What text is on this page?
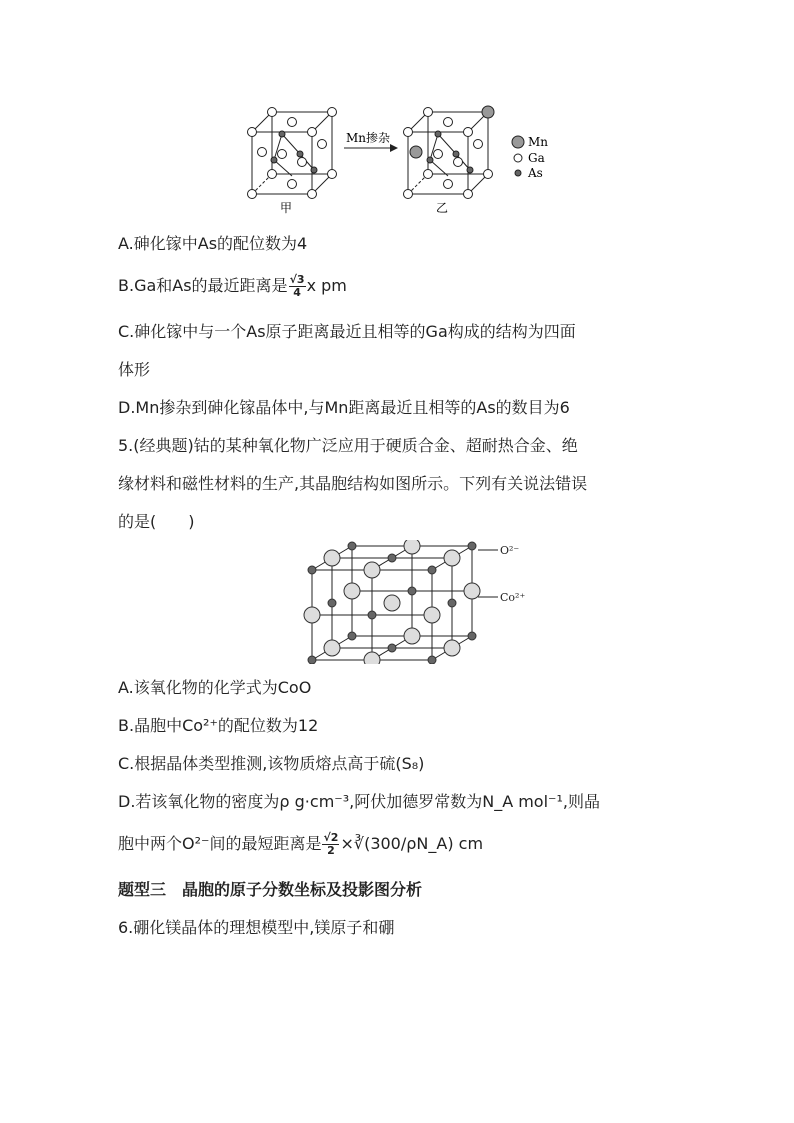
甲
Mn掺杂
乙
Mn
Ga
As
A.砷化镓中As的配位数为4
B.Ga和As的最近距离是 $\frac{√3}{4}$ x pm
C.砷化镓中与一个As原子距离最近且相等的Ga构成的结构为四面
体形
D.Mn掺杂到砷化镓晶体中,与Mn距离最近且相等的As的数目为6
5.(经典题)钴的某种氧化物广泛应用于硬质合金、超耐热合金、绝
缘材料和磁性材料的生产,其晶胞结构如图所示。下列有关说法错误
的是(　　)
O²⁻
Co²⁺
A.该氧化物的化学式为CoO
B.晶胞中Co²⁺的配位数为12
C.根据晶体类型推测,该物质熔点高于硫(S₈)
D.若该氧化物的密度为ρ g·cm⁻³,阿伏加德罗常数为N_A mol⁻¹,则晶
胞中两个O²⁻间的最短距离是 $\frac{√2}{2}$ ×∛(300/ρN_A) cm
题型三　晶胞的原子分数坐标及投影图分析
6.硼化镁晶体的理想模型中,镁原子和硼
